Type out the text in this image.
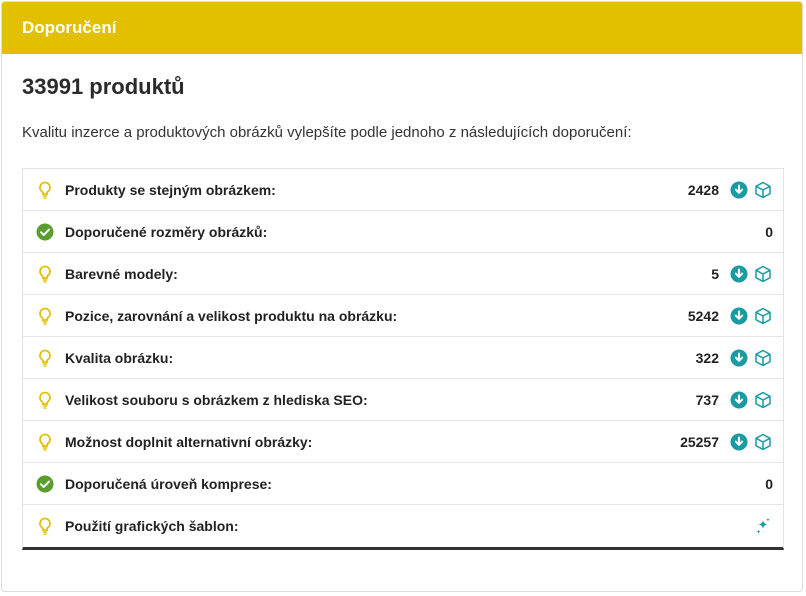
Doporučení
33991 produktů
Kvalitu inzerce a produktových obrázků vylepšíte podle jednoho z následujících doporučení:
Produkty se stejným obrázkem:	2428
Doporučené rozměry obrázků:	0
Barevné modely:	5
Pozice, zarovnání a velikost produktu na obrázku:	5242
Kvalita obrázku:	322
Velikost souboru s obrázkem z hlediska SEO:	737
Možnost doplnit alternativní obrázky:	25257
Doporučená úroveň komprese:	0
Použití grafických šablon:
